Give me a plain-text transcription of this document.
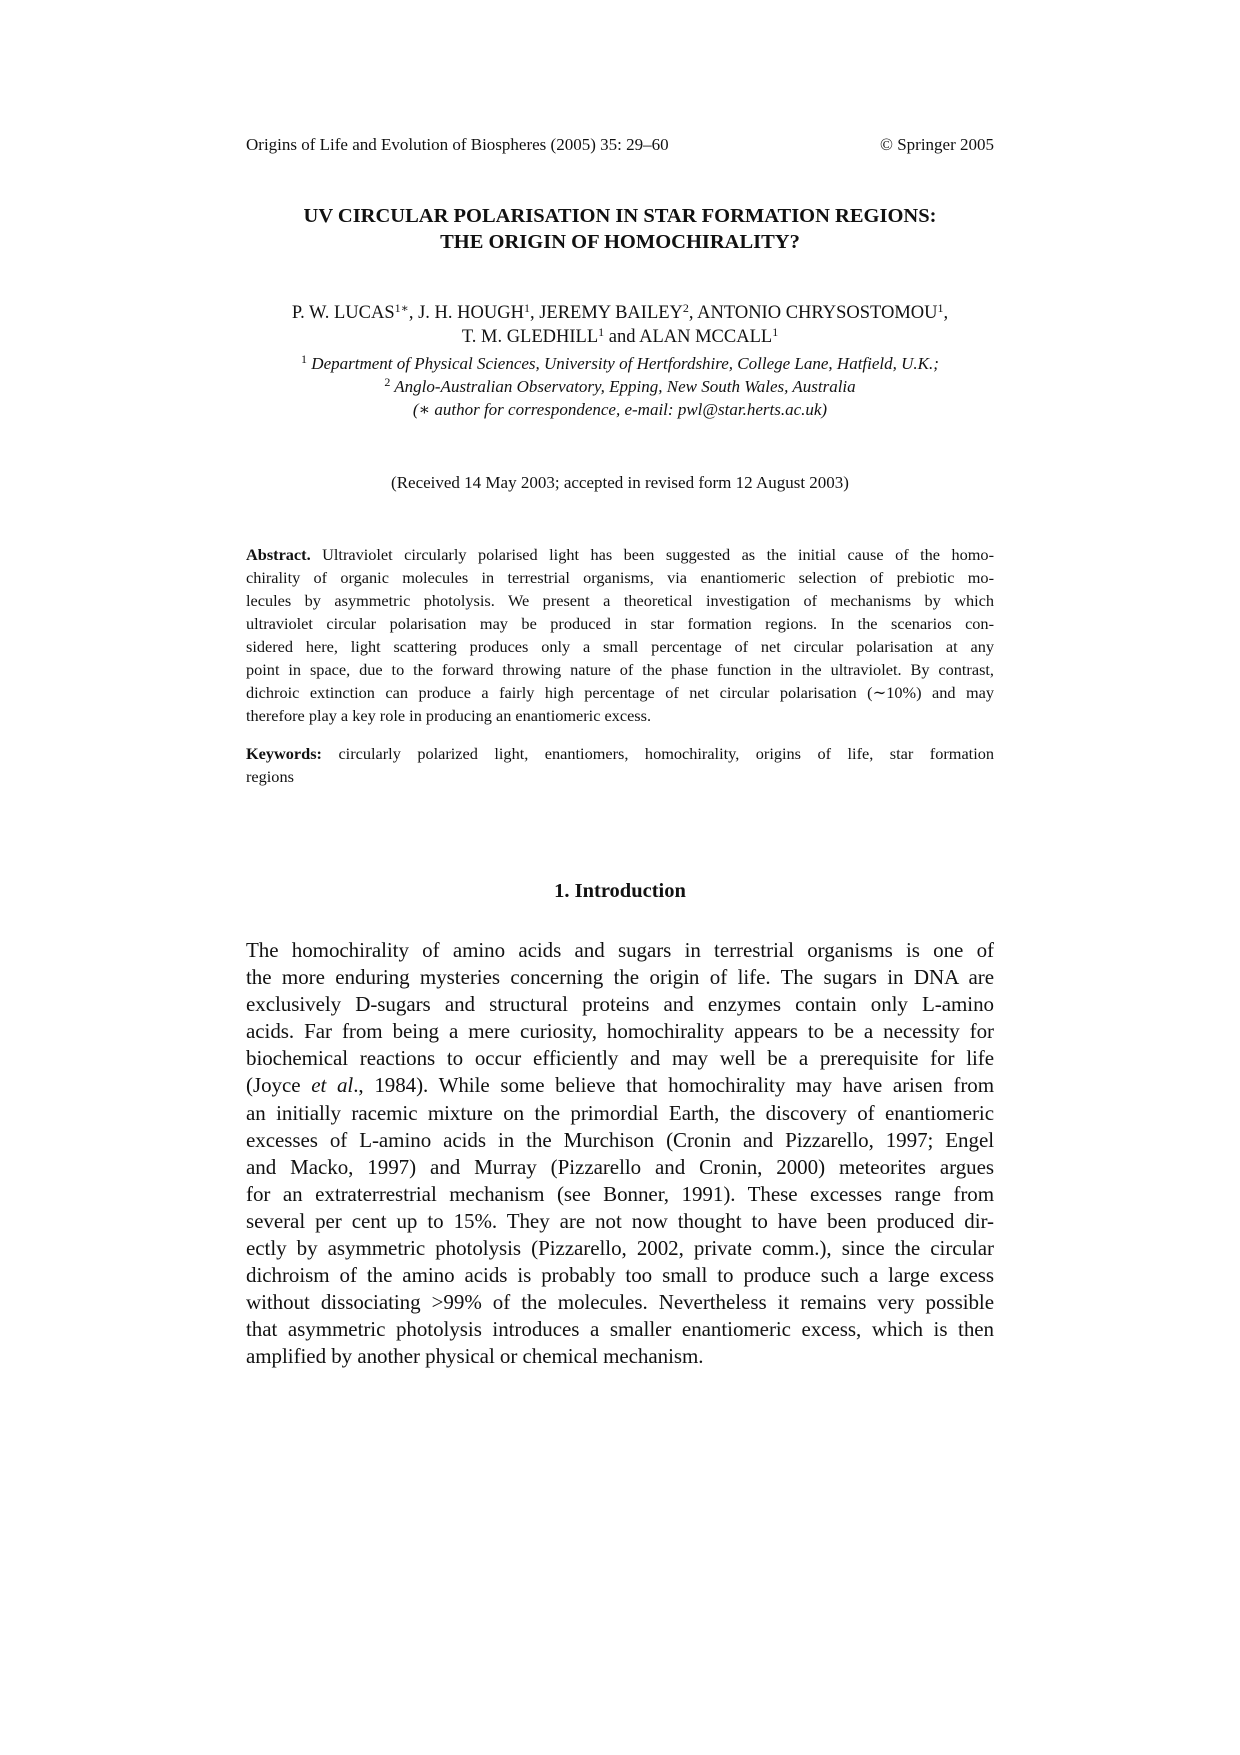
Origins of Life and Evolution of Biospheres (2005) 35: 29–60	© Springer 2005
UV CIRCULAR POLARISATION IN STAR FORMATION REGIONS:
THE ORIGIN OF HOMOCHIRALITY?
P. W. $LUCAS^{1∗}$, J. H. HOUGH$^1$, JEREMY BAILEY$^2$, ANTONIO CHRYSOSTOMOU$^1$,
T. M. GLEDHILL$^1$ and ALAN MCCALL$^1$
$^1$ Department of Physical Sciences, University of Hertfordshire, College Lane, Hatfield, U.K.;
$^2$ Anglo-Australian Observatory, Epping, New South Wales, Australia
(∗ author for correspondence, e-mail: pwl@star.herts.ac.uk)
(Received 14 May 2003; accepted in revised form 12 August 2003)
Abstract. Ultraviolet circularly polarised light has been suggested as the initial cause of the homo-
chirality of organic molecules in terrestrial organisms, via enantiomeric selection of prebiotic mo-
lecules by asymmetric photolysis. We present a theoretical investigation of mechanisms by which
ultraviolet circular polarisation may be produced in star formation regions. In the scenarios con-
sidered here, light scattering produces only a small percentage of net circular polarisation at any
point in space, due to the forward throwing nature of the phase function in the ultraviolet. By contrast,
dichroic extinction can produce a fairly high percentage of net circular polarisation (∼10%) and may
therefore play a key role in producing an enantiomeric excess.
Keywords: circularly polarized light, enantiomers, homochirality, origins of life, star formation
regions
1. Introduction
The homochirality of amino acids and sugars in terrestrial organisms is one of
the more enduring mysteries concerning the origin of life. The sugars in DNA are
exclusively D-sugars and structural proteins and enzymes contain only L-amino
acids. Far from being a mere curiosity, homochirality appears to be a necessity for
biochemical reactions to occur efficiently and may well be a prerequisite for life
(Joyce et al., 1984). While some believe that homochirality may have arisen from
an initially racemic mixture on the primordial Earth, the discovery of enantiomeric
excesses of L-amino acids in the Murchison (Cronin and Pizzarello, 1997; Engel
and Macko, 1997) and Murray (Pizzarello and Cronin, 2000) meteorites argues
for an extraterrestrial mechanism (see Bonner, 1991). These excesses range from
several per cent up to 15%. They are not now thought to have been produced dir-
ectly by asymmetric photolysis (Pizzarello, 2002, private comm.), since the circular
dichroism of the amino acids is probably too small to produce such a large excess
without dissociating >99% of the molecules. Nevertheless it remains very possible
that asymmetric photolysis introduces a smaller enantiomeric excess, which is then
amplified by another physical or chemical mechanism.
